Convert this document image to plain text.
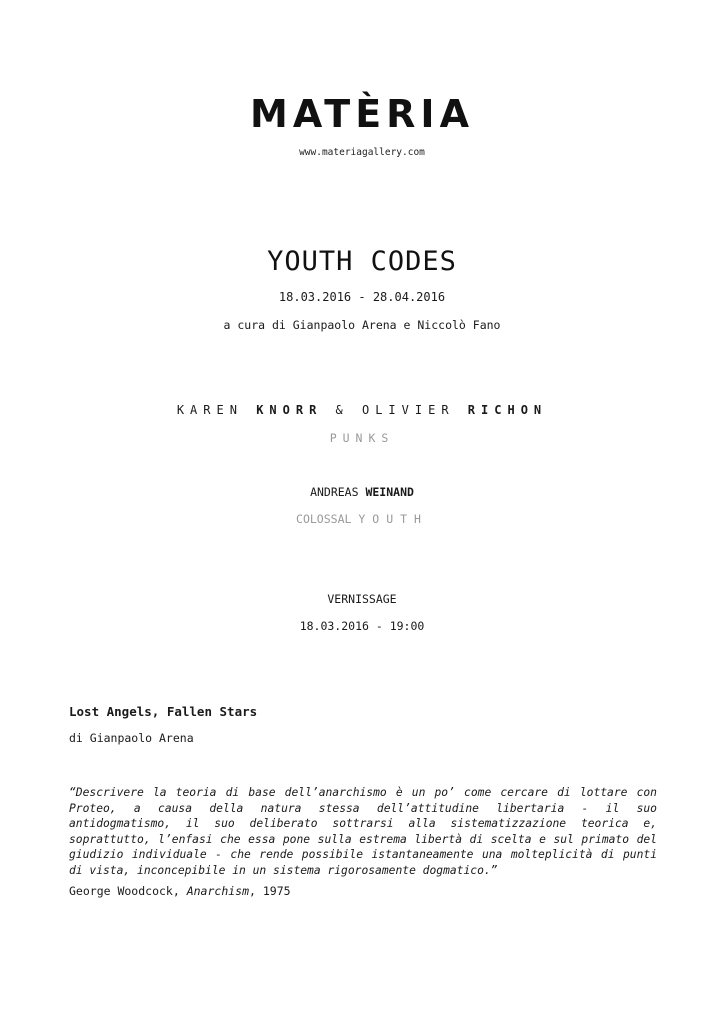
MATÈRIA
www.materiagallery.com
YOUTH CODES
18.03.2016 - 28.04.2016
a cura di Gianpaolo Arena e Niccolò Fano
KAREN KNORR & OLIVIER RICHON
PUNKS
ANDREAS WEINAND
COLOSSAL YOUTH
VERNISSAGE
18.03.2016 - 19:00
Lost Angels, Fallen Stars
di Gianpaolo Arena
“Descrivere la teoria di base dell’anarchismo è un po’ come cercare di lottare con Proteo, a causa della natura stessa dell’attitudine libertaria - il suo antidogmatismo, il suo deliberato sottrarsi alla sistematizzazione teorica e, soprattutto, l’enfasi che essa pone sulla estrema libertà di scelta e sul primato del giudizio individuale - che rende possibile istantaneamente una molteplicità di punti di vista, inconcepibile in un sistema rigorosamente dogmatico.”
George Woodcock, Anarchism, 1975
